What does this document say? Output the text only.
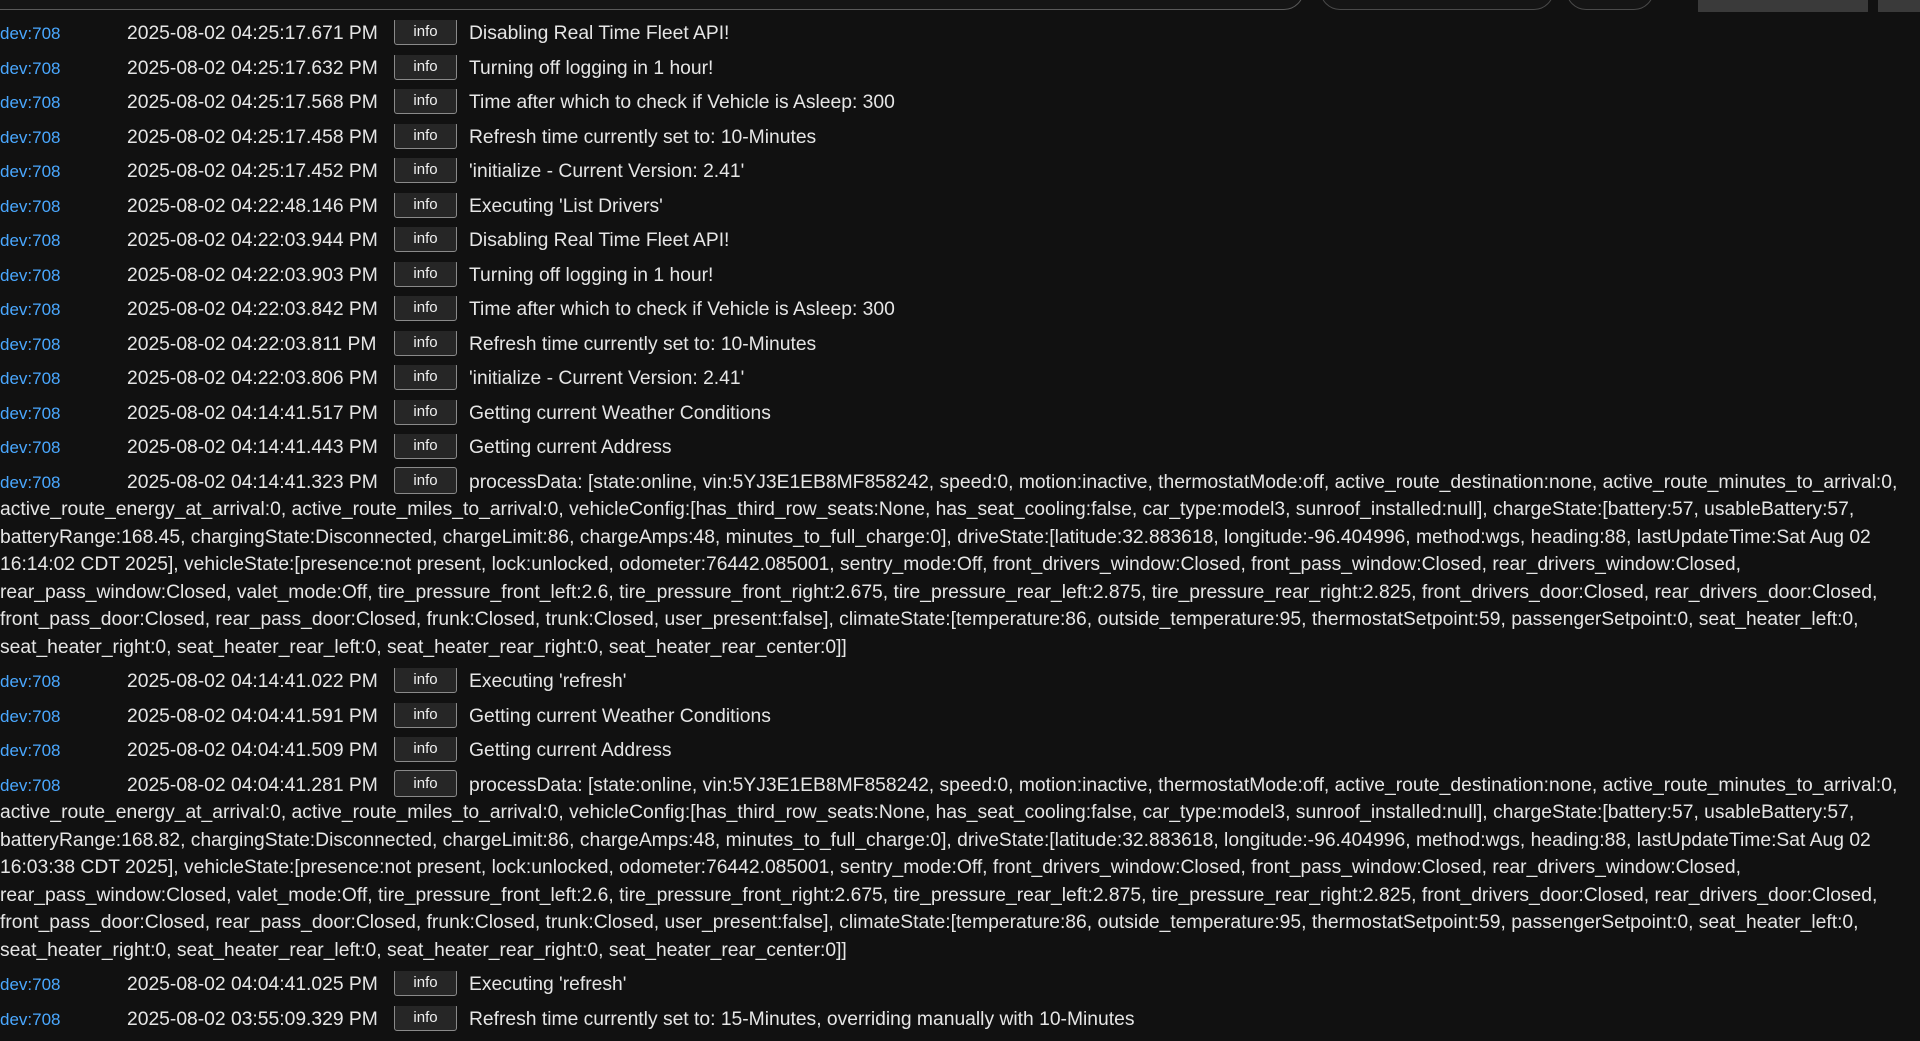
dev:708	2025-08-02 04:25:17.671 PM info Disabling Real Time Fleet API!
dev:708	2025-08-02 04:25:17.632 PM info Turning off logging in 1 hour!
dev:708	2025-08-02 04:25:17.568 PM info Time after which to check if Vehicle is Asleep: 300
dev:708	2025-08-02 04:25:17.458 PM info Refresh time currently set to: 10-Minutes
dev:708	2025-08-02 04:25:17.452 PM info 'initialize - Current Version: 2.41'
dev:708	2025-08-02 04:22:48.146 PM info Executing 'List Drivers'
dev:708	2025-08-02 04:22:03.944 PM info Disabling Real Time Fleet API!
dev:708	2025-08-02 04:22:03.903 PM info Turning off logging in 1 hour!
dev:708	2025-08-02 04:22:03.842 PM info Time after which to check if Vehicle is Asleep: 300
dev:708	2025-08-02 04:22:03.811 PM info Refresh time currently set to: 10-Minutes
dev:708	2025-08-02 04:22:03.806 PM info 'initialize - Current Version: 2.41'
dev:708	2025-08-02 04:14:41.517 PM info Getting current Weather Conditions
dev:708	2025-08-02 04:14:41.443 PM info Getting current Address
dev:708	2025-08-02 04:14:41.323 PM info processData: [state:online, vin:5YJ3E1EB8MF858242, speed:0, motion:inactive, thermostatMode:off, active_route_destination:none, active_route_minutes_to_arrival:0, active_route_energy_at_arrival:0, active_route_miles_to_arrival:0, vehicleConfig:[has_third_row_seats:None, has_seat_cooling:false, car_type:model3, sunroof_installed:null], chargeState:[battery:57, usableBattery:57, batteryRange:168.45, chargingState:Disconnected, chargeLimit:86, chargeAmps:48, minutes_to_full_charge:0], driveState:[latitude:32.883618, longitude:-96.404996, method:wgs, heading:88, lastUpdateTime:Sat Aug 02 16:14:02 CDT 2025], vehicleState:[presence:not present, lock:unlocked, odometer:76442.085001, sentry_mode:Off, front_drivers_window:Closed, front_pass_window:Closed, rear_drivers_window:Closed, rear_pass_window:Closed, valet_mode:Off, tire_pressure_front_left:2.6, tire_pressure_front_right:2.675, tire_pressure_rear_left:2.875, tire_pressure_rear_right:2.825, front_drivers_door:Closed, rear_drivers_door:Closed, front_pass_door:Closed, rear_pass_door:Closed, frunk:Closed, trunk:Closed, user_present:false], climateState:[temperature:86, outside_temperature:95, thermostatSetpoint:59, passengerSetpoint:0, seat_heater_left:0, seat_heater_right:0, seat_heater_rear_left:0, seat_heater_rear_right:0, seat_heater_rear_center:0]]
dev:708	2025-08-02 04:14:41.022 PM info Executing 'refresh'
dev:708	2025-08-02 04:04:41.591 PM info Getting current Weather Conditions
dev:708	2025-08-02 04:04:41.509 PM info Getting current Address
dev:708	2025-08-02 04:04:41.281 PM info processData: [state:online, vin:5YJ3E1EB8MF858242, speed:0, motion:inactive, thermostatMode:off, active_route_destination:none, active_route_minutes_to_arrival:0, active_route_energy_at_arrival:0, active_route_miles_to_arrival:0, vehicleConfig:[has_third_row_seats:None, has_seat_cooling:false, car_type:model3, sunroof_installed:null], chargeState:[battery:57, usableBattery:57, batteryRange:168.82, chargingState:Disconnected, chargeLimit:86, chargeAmps:48, minutes_to_full_charge:0], driveState:[latitude:32.883618, longitude:-96.404996, method:wgs, heading:88, lastUpdateTime:Sat Aug 02 16:03:38 CDT 2025], vehicleState:[presence:not present, lock:unlocked, odometer:76442.085001, sentry_mode:Off, front_drivers_window:Closed, front_pass_window:Closed, rear_drivers_window:Closed, rear_pass_window:Closed, valet_mode:Off, tire_pressure_front_left:2.6, tire_pressure_front_right:2.675, tire_pressure_rear_left:2.875, tire_pressure_rear_right:2.825, front_drivers_door:Closed, rear_drivers_door:Closed, front_pass_door:Closed, rear_pass_door:Closed, frunk:Closed, trunk:Closed, user_present:false], climateState:[temperature:86, outside_temperature:95, thermostatSetpoint:59, passengerSetpoint:0, seat_heater_left:0, seat_heater_right:0, seat_heater_rear_left:0, seat_heater_rear_right:0, seat_heater_rear_center:0]]
dev:708	2025-08-02 04:04:41.025 PM info Executing 'refresh'
dev:708	2025-08-02 03:55:09.329 PM info Refresh time currently set to: 15-Minutes, overriding manually with 10-Minutes
